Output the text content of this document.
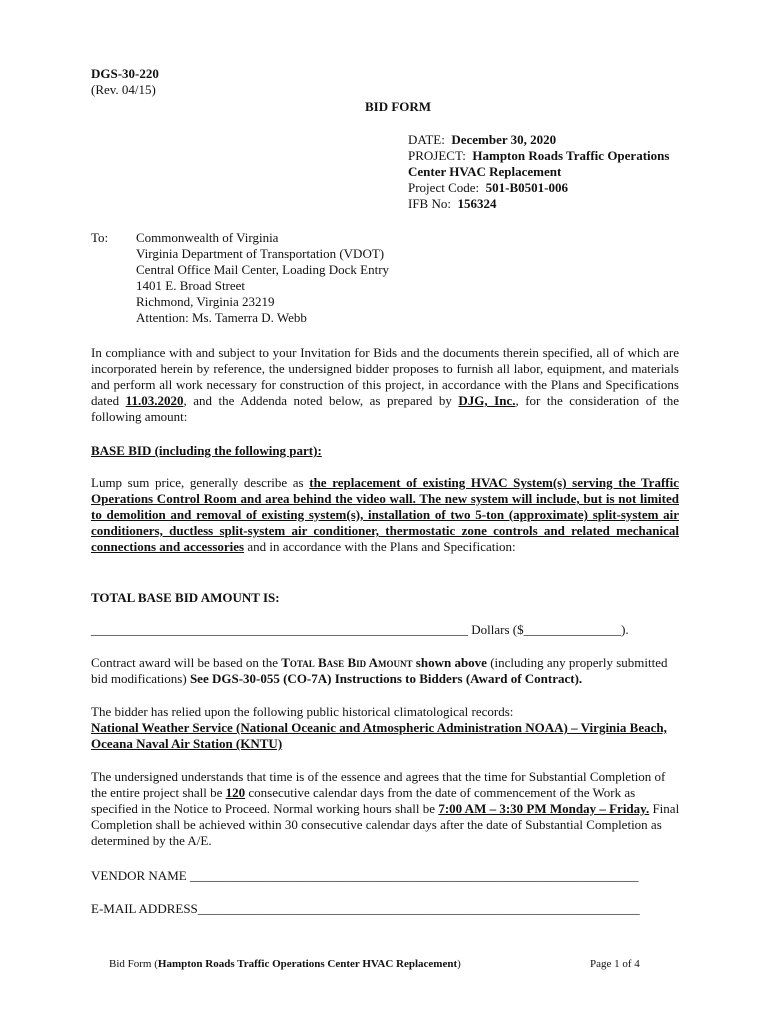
DGS-30-220
(Rev. 04/15)
BID FORM
DATE: December 30, 2020
PROJECT: Hampton Roads Traffic Operations
Center HVAC Replacement
Project Code: 501-B0501-006
IFB No: 156324
To: Commonwealth of Virginia
Virginia Department of Transportation (VDOT)
Central Office Mail Center, Loading Dock Entry
1401 E. Broad Street
Richmond, Virginia 23219
Attention: Ms. Tamerra D. Webb

In compliance with and subject to your Invitation for Bids and the documents therein specified, all of which are incorporated herein by reference, the undersigned bidder proposes to furnish all labor, equipment, and materials and perform all work necessary for construction of this project, in accordance with the Plans and Specifications dated 11.03.2020, and the Addenda noted below, as prepared by DJG, Inc., for the consideration of the following amount:

BASE BID (including the following part):

Lump sum price, generally describe as the replacement of existing HVAC System(s) serving the Traffic Operations Control Room and area behind the video wall. The new system will include, but is not limited to demolition and removal of existing system(s), installation of two 5-ton (approximate) split-system air conditioners, ductless split-system air conditioner, thermostatic zone controls and related mechanical connections and accessories and in accordance with the Plans and Specification:

TOTAL BASE BID AMOUNT IS:
__________________________________________________________ Dollars ($_______________).

Contract award will be based on the Total Base Bid Amount shown above (including any properly submitted bid modifications) See DGS-30-055 (CO-7A) Instructions to Bidders (Award of Contract).

The bidder has relied upon the following public historical climatological records:

National Weather Service (National Oceanic and Atmospheric Administration NOAA) – Virginia Beach, Oceana Naval Air Station (KNTU)

The undersigned understands that time is of the essence and agrees that the time for Substantial Completion of the entire project shall be 120 consecutive calendar days from the date of commencement of the Work as specified in the Notice to Proceed. Normal working hours shall be 7:00 AM – 3:30 PM Monday – Friday. Final Completion shall be achieved within 30 consecutive calendar days after the date of Substantial Completion as determined by the A/E.

VENDOR NAME _____________________________________________________________________
E-MAIL ADDRESS____________________________________________________________________
Bid Form (Hampton Roads Traffic Operations Center HVAC Replacement)	Page 1 of 4
